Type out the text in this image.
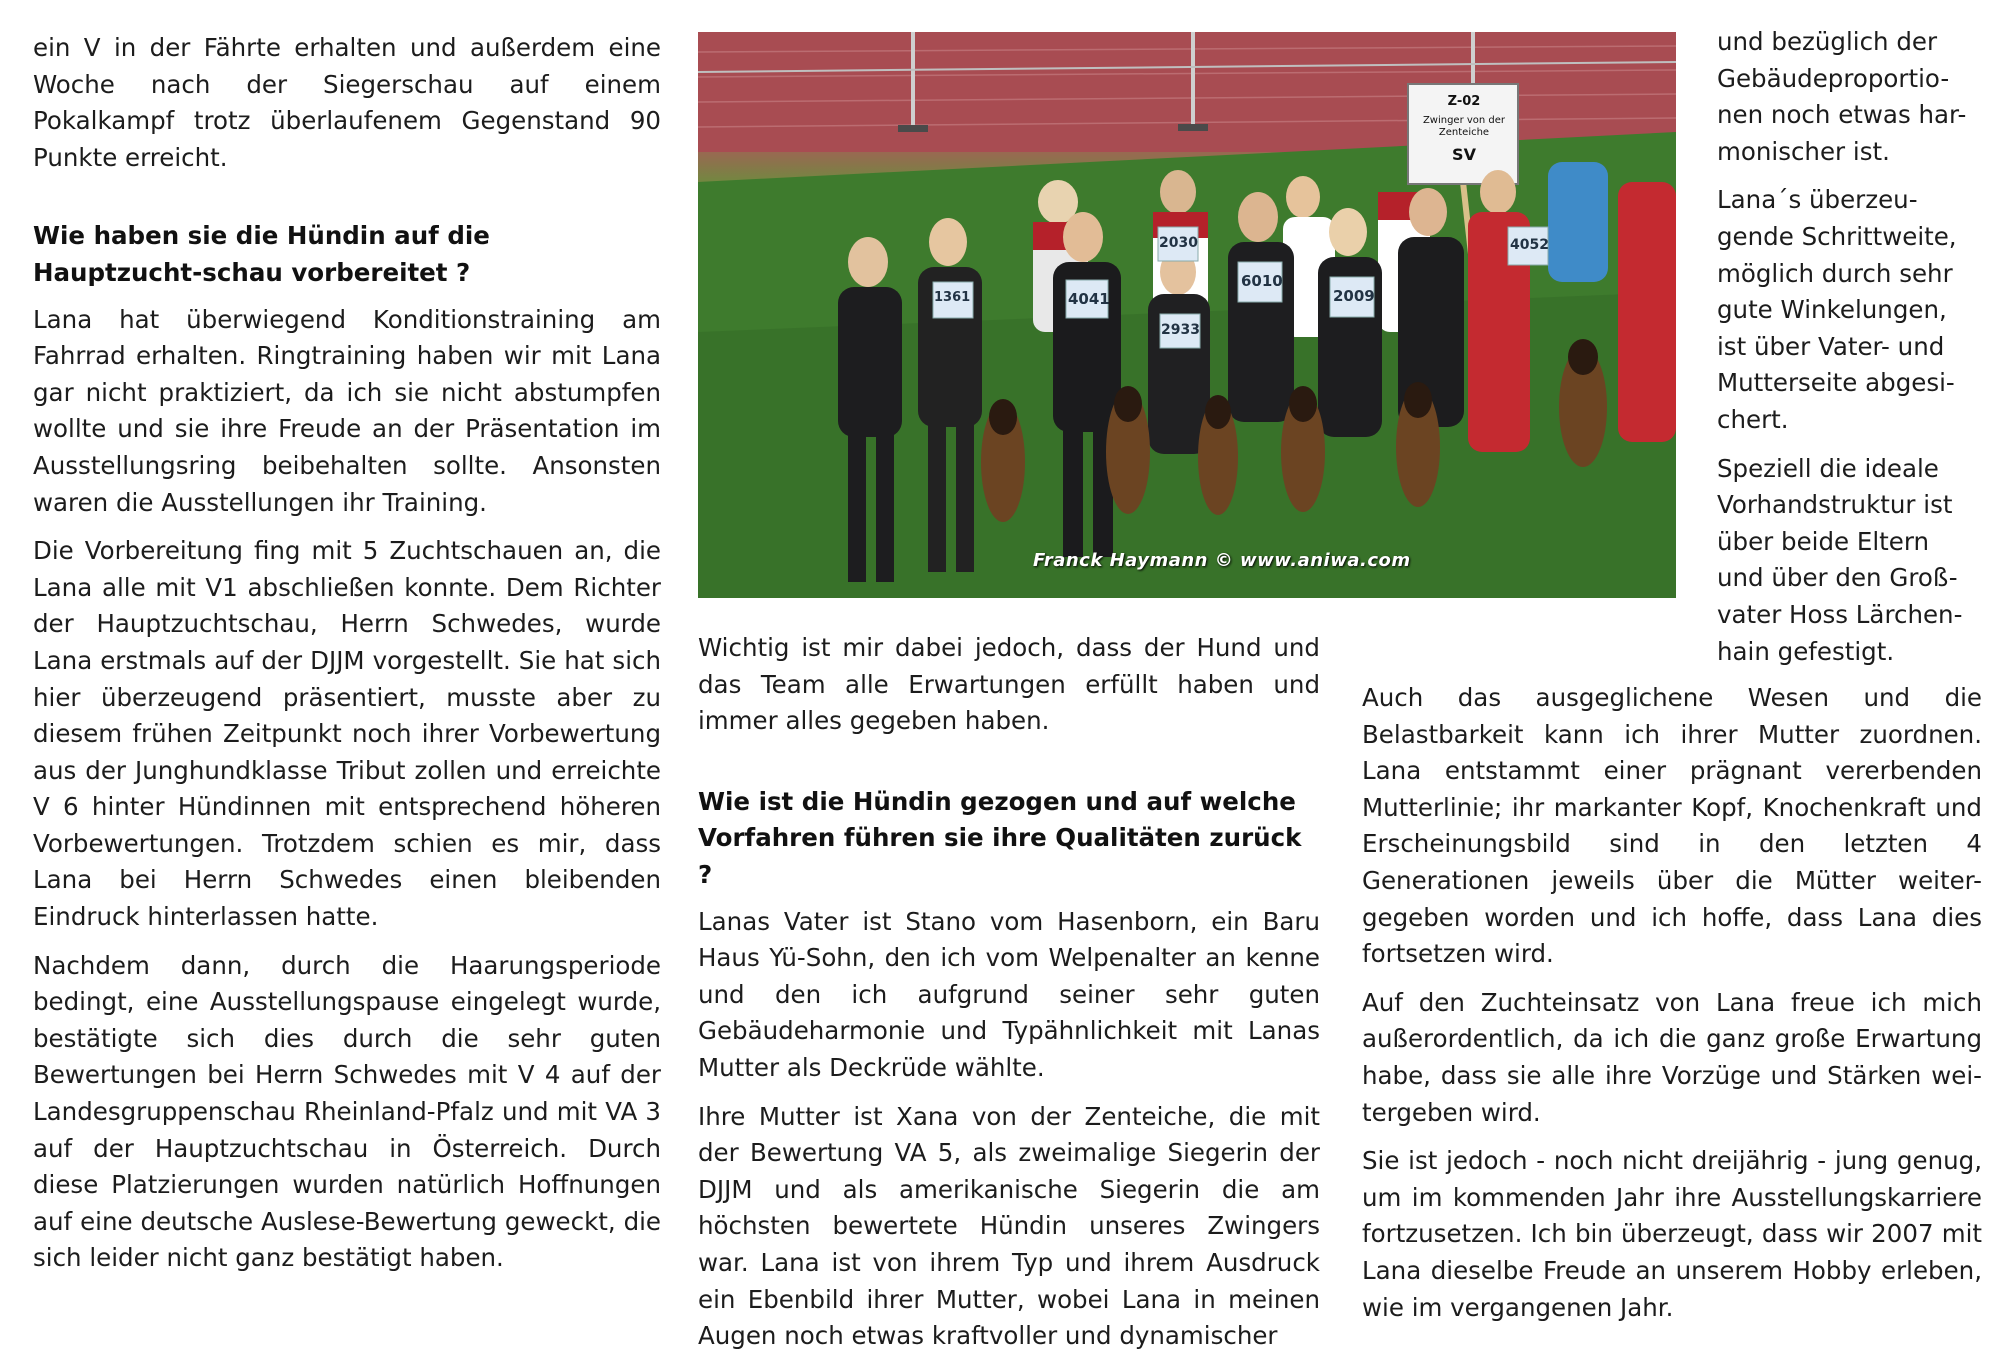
ein V in der Fährte erhalten und außerdem eine Woche nach der Siegerschau auf einem Pokalkampf trotz überlaufenem Gegenstand 90 Punkte erreicht.

Wie haben sie die Hündin auf die Hauptzucht-schau vorbereitet ?

Lana hat überwiegend Konditionstraining am Fahrrad erhalten. Ringtraining haben wir mit Lana gar nicht praktiziert, da ich sie nicht abstumpfen wollte und sie ihre Freude an der Präsentation im Ausstellungsring beibehalten sollte. Ansonsten waren die Ausstellungen ihr Training.

Die Vorbereitung fing mit 5 Zuchtschauen an, die Lana alle mit V1 abschließen konnte. Dem Richter der Hauptzuchtschau, Herrn Schwedes, wurde Lana erstmals auf der DJJM vorgestellt. Sie hat sich hier überzeugend präsentiert, musste aber zu diesem frühen Zeitpunkt noch ihrer Vorbewertung aus der Junghundklasse Tribut zollen und erreichte V 6 hinter Hündinnen mit entsprechend höheren Vorbewertungen. Trotzdem schien es mir, dass Lana bei Herrn Schwedes einen bleibenden Eindruck hinterlassen hatte.

Nachdem dann, durch die Haarungsperiode bedingt, eine Ausstellungspause eingelegt wurde, bestätigte sich dies durch die sehr guten Bewertungen bei Herrn Schwedes mit V 4 auf der Landesgruppenschau Rheinland-Pfalz und mit VA 3 auf der Hauptzuchtschau in Österreich. Durch diese Platzierungen wurden natürlich Hoffnungen auf eine deutsche Auslese-Bewertung geweckt, die sich leider nicht ganz bestätigt haben.

Z-02
Zwinger von der Zenteiche
SV
Franck Haymann © www.aniwa.com
1361	4041
2030
2933
6010
2009
4052

Wichtig ist mir dabei jedoch, dass der Hund und das Team alle Erwartungen erfüllt haben und immer alles gegeben haben.

Wie ist die Hündin gezogen und auf welche Vorfahren führen sie ihre Qualitäten zurück ?

Lanas Vater ist Stano vom Hasenborn, ein Baru Haus Yü-Sohn, den ich vom Welpenalter an kenne und den ich aufgrund seiner sehr guten Gebäudeharmonie und Typähnlichkeit mit Lanas Mutter als Deckrüde wählte.

Ihre Mutter ist Xana von der Zenteiche, die mit der Bewertung VA 5, als zweimalige Siegerin der DJJM und als amerikanische Siegerin die am höchsten bewertete Hündin unseres Zwingers war. Lana ist von ihrem Typ und ihrem Ausdruck ein Ebenbild ihrer Mutter, wobei Lana in meinen Augen noch etwas kraftvoller und dynamischer

und bezüglich der Gebäudeproportio-nen noch etwas har-monischer ist.

Lana´s überzeu-gende Schrittweite, möglich durch sehr gute Winkelungen, ist über Vater- und Mutterseite abgesi-chert.

Speziell die ideale Vorhandstruktur ist über beide Eltern und über den Groß-vater Hoss Lärchen-hain gefestigt.

Auch das ausgeglichene Wesen und die Belastbarkeit kann ich ihrer Mutter zuordnen. Lana entstammt einer prägnant vererbenden Mutterlinie; ihr markanter Kopf, Knochenkraft und Erscheinungsbild sind in den letzten 4 Generationen jeweils über die Mütter weiter-gegeben worden und ich hoffe, dass Lana dies fortsetzen wird.

Auf den Zuchteinsatz von Lana freue ich mich außerordentlich, da ich die ganz große Erwartung habe, dass sie alle ihre Vorzüge und Stärken wei-tergeben wird.

Sie ist jedoch - noch nicht dreijährig - jung genug, um im kommenden Jahr ihre Ausstellungskarriere fortzusetzen. Ich bin überzeugt, dass wir 2007 mit Lana dieselbe Freude an unserem Hobby erleben, wie im vergangenen Jahr.
